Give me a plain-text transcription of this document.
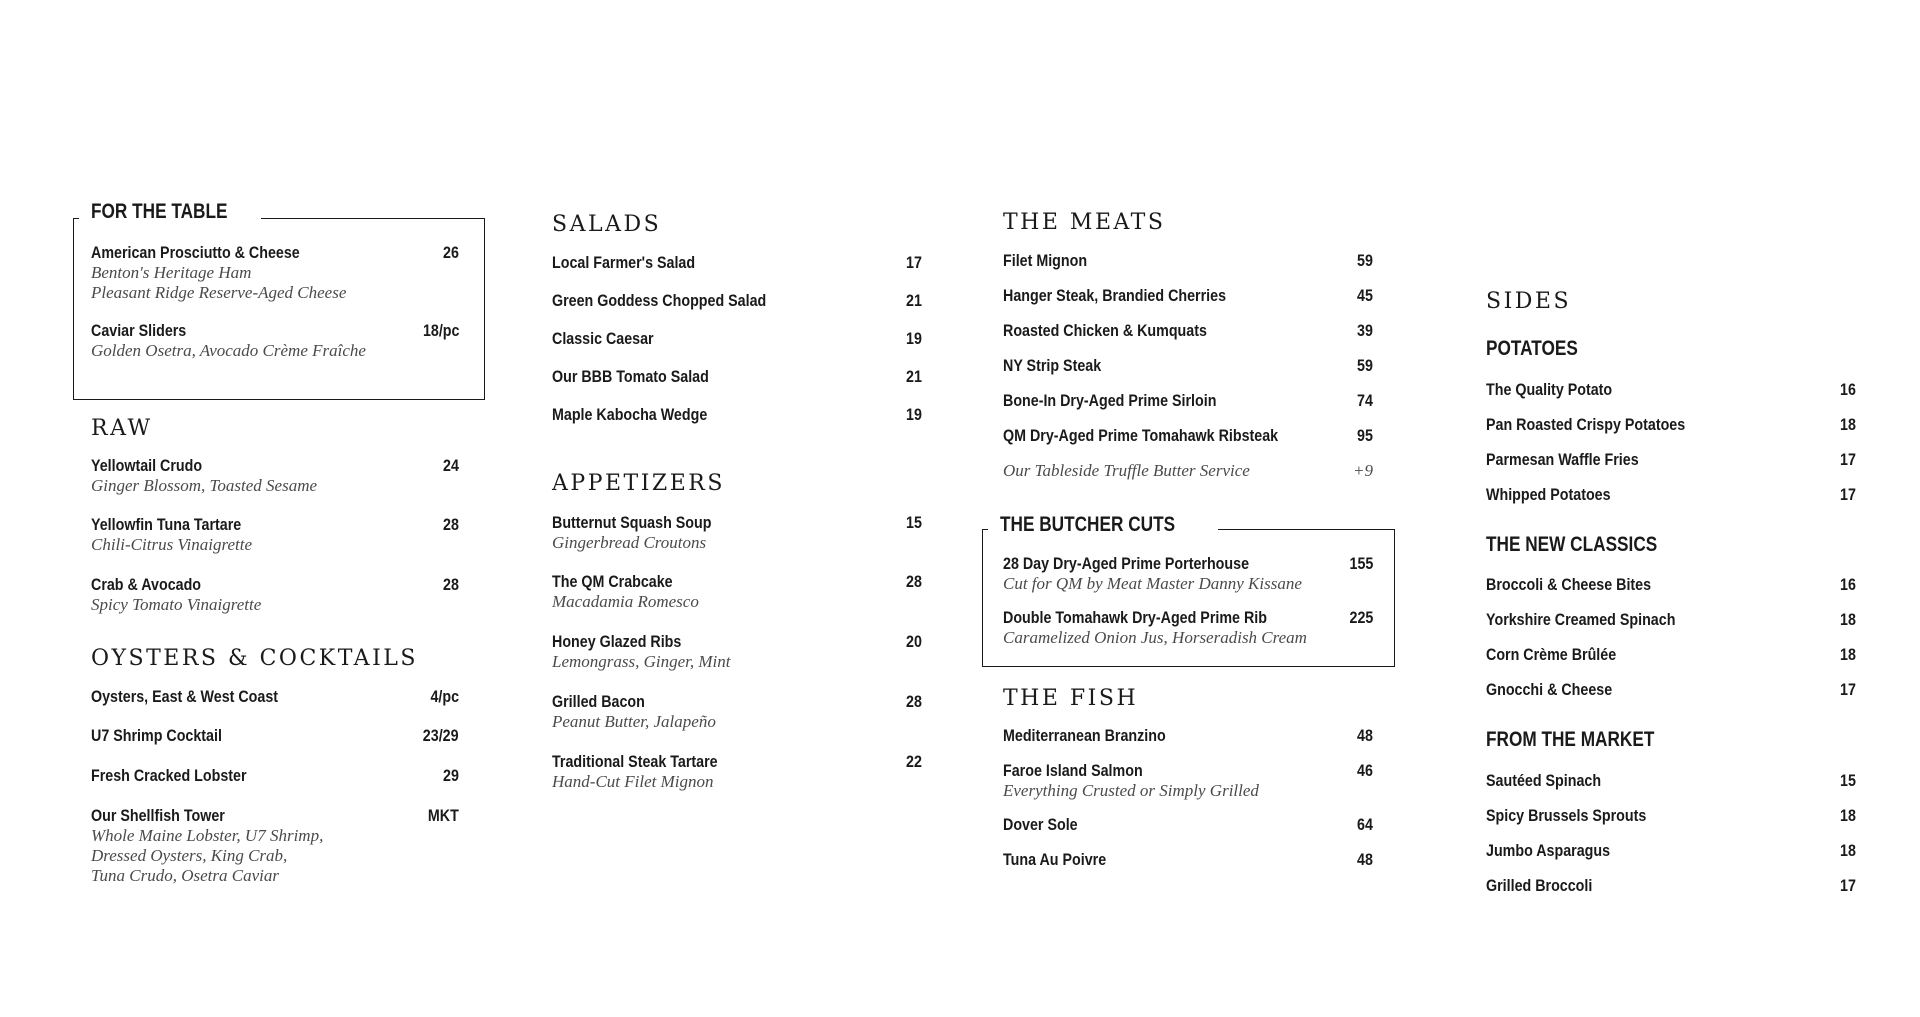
FOR THE TABLE
American Prosciutto & Cheese	26
Benton's Heritage Ham
Pleasant Ridge Reserve-Aged Cheese
Caviar Sliders	18/pc
Golden Osetra, Avocado Crème Fraîche
RAW
Yellowtail Crudo	24
Ginger Blossom, Toasted Sesame
Yellowfin Tuna Tartare	28
Chili-Citrus Vinaigrette
Crab & Avocado	28
Spicy Tomato Vinaigrette
OYSTERS & COCKTAILS
Oysters, East & West Coast	4/pc
U7 Shrimp Cocktail	23/29
Fresh Cracked Lobster	29
Our Shellfish Tower	MKT
Whole Maine Lobster, U7 Shrimp,
Dressed Oysters, King Crab,
Tuna Crudo, Osetra Caviar
SALADS
Local Farmer's Salad	17
Green Goddess Chopped Salad	21
Classic Caesar	19
Our BBB Tomato Salad	21
Maple Kabocha Wedge	19
APPETIZERS
Butternut Squash Soup	15
Gingerbread Croutons
The QM Crabcake	28
Macadamia Romesco
Honey Glazed Ribs	20
Lemongrass, Ginger, Mint
Grilled Bacon	28
Peanut Butter, Jalapeño
Traditional Steak Tartare	22
Hand-Cut Filet Mignon
THE MEATS
Filet Mignon	59
Hanger Steak, Brandied Cherries	45
Roasted Chicken & Kumquats	39
NY Strip Steak	59
Bone-In Dry-Aged Prime Sirloin	74
QM Dry-Aged Prime Tomahawk Ribsteak	95
Our Tableside Truffle Butter Service	+9
THE BUTCHER CUTS
28 Day Dry-Aged Prime Porterhouse	155
Cut for QM by Meat Master Danny Kissane
Double Tomahawk Dry-Aged Prime Rib	225
Caramelized Onion Jus, Horseradish Cream
THE FISH
Mediterranean Branzino	48
Faroe Island Salmon	46
Everything Crusted or Simply Grilled
Dover Sole	64
Tuna Au Poivre	48
SIDES
POTATOES
The Quality Potato	16
Pan Roasted Crispy Potatoes	18
Parmesan Waffle Fries	17
Whipped Potatoes	17
THE NEW CLASSICS
Broccoli & Cheese Bites	16
Yorkshire Creamed Spinach	18
Corn Crème Brûlée	18
Gnocchi & Cheese	17
FROM THE MARKET
Sautéed Spinach	15
Spicy Brussels Sprouts	18
Jumbo Asparagus	18
Grilled Broccoli	17
